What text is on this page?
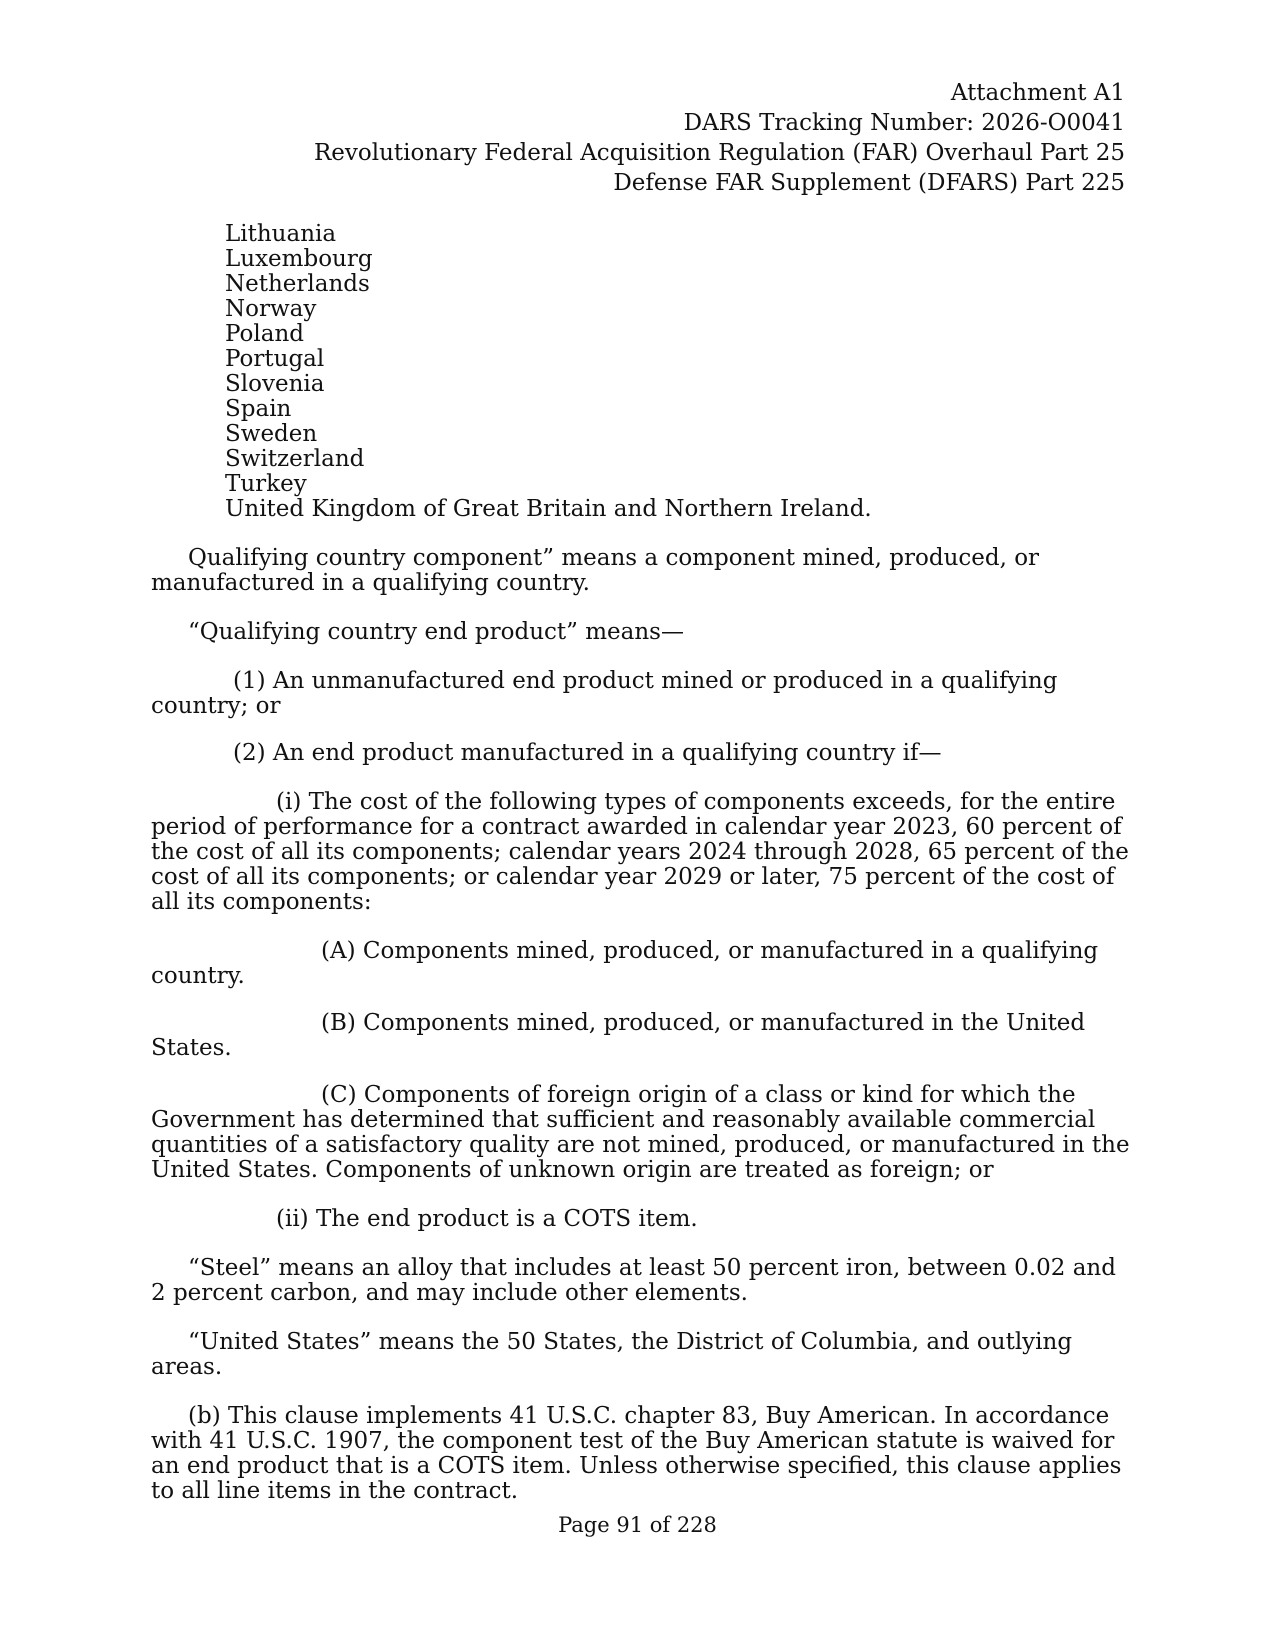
Attachment A1
DARS Tracking Number: 2026-O0041
Revolutionary Federal Acquisition Regulation (FAR) Overhaul Part 25
Defense FAR Supplement (DFARS) Part 225
Lithuania
Luxembourg
Netherlands
Norway
Poland
Portugal
Slovenia
Spain
Sweden
Switzerland
Turkey
United Kingdom of Great Britain and Northern Ireland.

Qualifying country component” means a component mined, produced, or manufactured in a qualifying country.

“Qualifying country end product” means—

(1) An unmanufactured end product mined or produced in a qualifying country; or

(2) An end product manufactured in a qualifying country if—

(i) The cost of the following types of components exceeds, for the entire period of performance for a contract awarded in calendar year 2023, 60 percent of the cost of all its components; calendar years 2024 through 2028, 65 percent of the cost of all its components; or calendar year 2029 or later, 75 percent of the cost of all its components:

(A) Components mined, produced, or manufactured in a qualifying country.

(B) Components mined, produced, or manufactured in the United States.

(C) Components of foreign origin of a class or kind for which the Government has determined that sufficient and reasonably available commercial quantities of a satisfactory quality are not mined, produced, or manufactured in the United States. Components of unknown origin are treated as foreign; or

(ii) The end product is a COTS item.

“Steel” means an alloy that includes at least 50 percent iron, between 0.02 and 2 percent carbon, and may include other elements.

“United States” means the 50 States, the District of Columbia, and outlying areas.

(b) This clause implements 41 U.S.C. chapter 83, Buy American. In accordance with 41 U.S.C. 1907, the component test of the Buy American statute is waived for an end product that is a COTS item. Unless otherwise specified, this clause applies to all line items in the contract.

Page 91 of 228
